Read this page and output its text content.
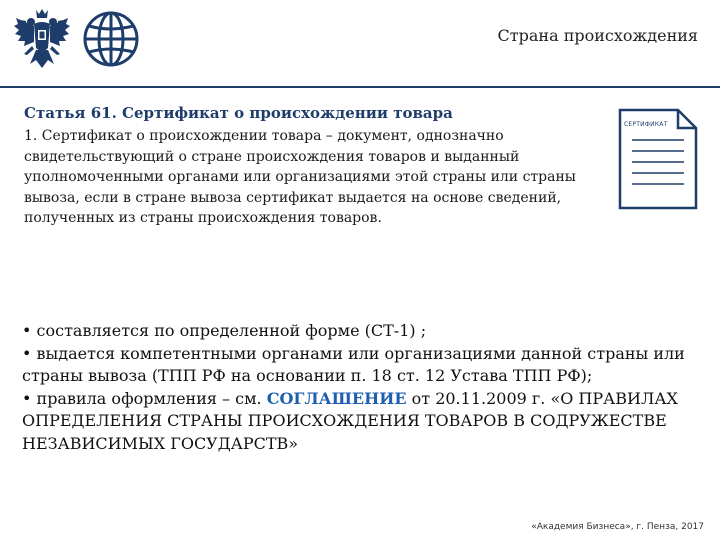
Страна происхождения
Статья 61. Сертификат о происхождении товара
1. Сертификат о происхождении товара – документ, однозначно свидетельствующий о стране происхождения товаров и выданный уполномоченными органами или организациями этой страны или страны вывоза, если в стране вывоза сертификат выдается на основе сведений, полученных из страны происхождения товаров.
СЕРТИФИКАТ

• составляется по определенной форме (СТ-1) ;

• выдается компетентными органами или организациями данной страны или страны вывоза (ТПП РФ на основании п. 18 ст. 12 Устава ТПП РФ);

• правила оформления – см. СОГЛАШЕНИЕ от 20.11.2009 г. «О ПРАВИЛАХ ОПРЕДЕЛЕНИЯ СТРАНЫ ПРОИСХОЖДЕНИЯ ТОВАРОВ В СОДРУЖЕСТВЕ НЕЗАВИСИМЫХ ГОСУДАРСТВ»

«Академия Бизнеса», г. Пенза, 2017
